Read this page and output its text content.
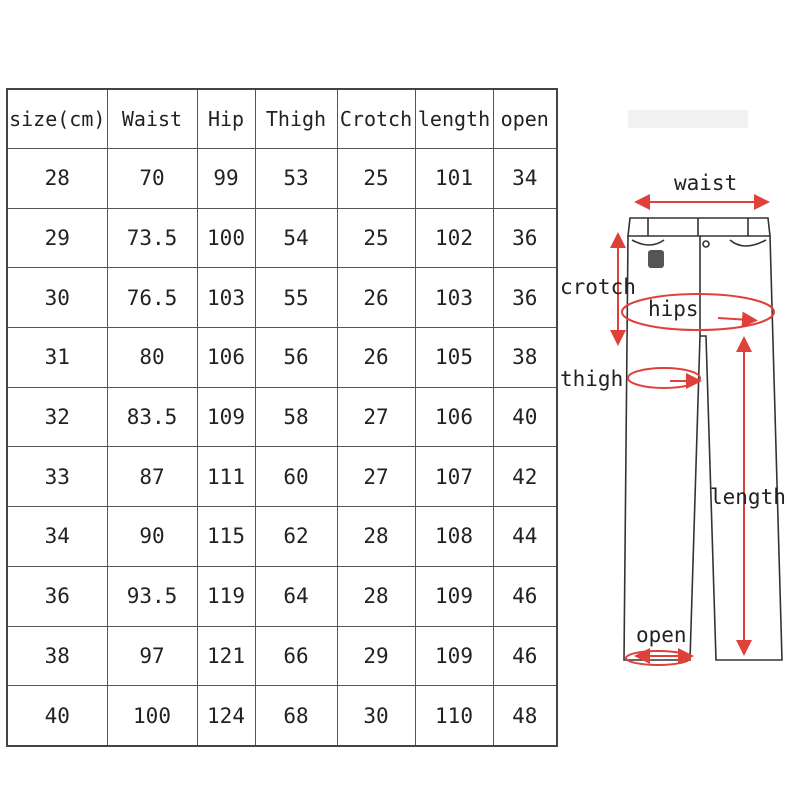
size(cm)	Waist	Hip	Thigh	Crotch	length	open
28	70	99	53	25	101	34
29	73.5	100	54	25	102	36
30	76.5	103	55	26	103	36
31	80	106	56	26	105	38
32	83.5	109	58	27	106	40
33	87	111	60	27	107	42
34	90	115	62	28	108	44
36	93.5	119	64	28	109	46
38	97	121	66	29	109	46
40	100	124	68	30	110	48
waist
crotch
hips
thigh
length
open
